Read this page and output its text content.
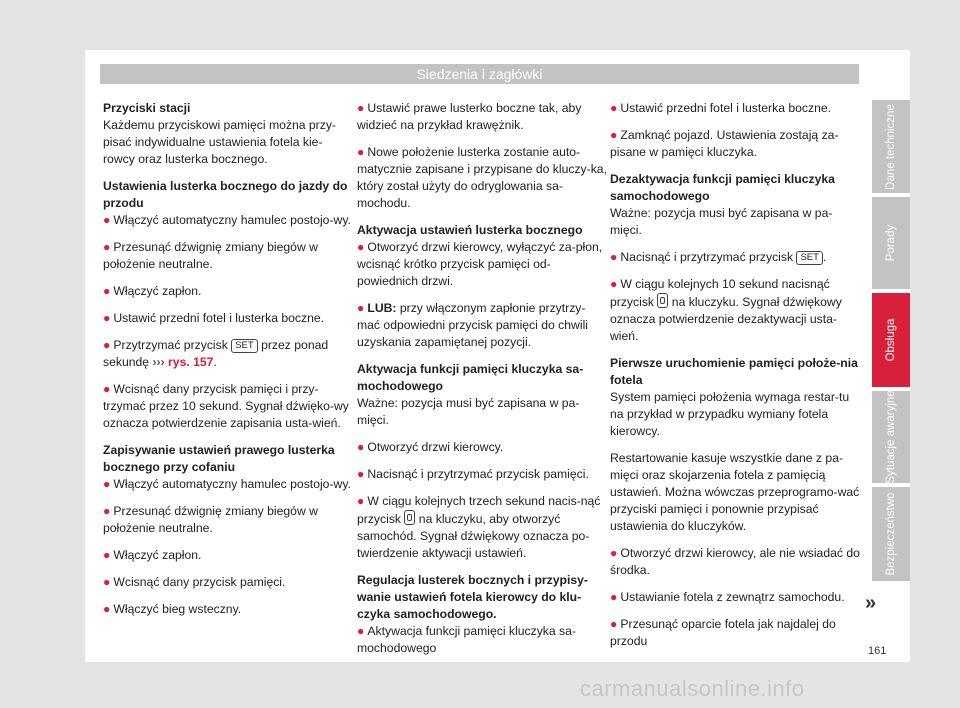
Siedzenia i zagłówki

Przyciski stacji

Każdemu przyciskowi pamięci można przy-pisać indywidualne ustawienia fotela kie-rowcy oraz lusterka bocznego.

Ustawienia lusterka bocznego do jazdy do przodu

● Włączyć automatyczny hamulec postojo-wy.

● Przesunąć dźwignię zmiany biegów w położenie neutralne.

● Włączyć zapłon.

● Ustawić przedni fotel i lusterka boczne.

● Przytrzymać przycisk SET przez ponad sekundę ››› rys. 157.

● Wcisnąć dany przycisk pamięci i przy-trzymać przez 10 sekund. Sygnał dźwięko-wy oznacza potwierdzenie zapisania usta-wień.

Zapisywanie ustawień prawego lusterka bocznego przy cofaniu

● Włączyć automatyczny hamulec postojo-wy.

● Przesunąć dźwignię zmiany biegów w położenie neutralne.

● Włączyć zapłon.

● Wcisnąć dany przycisk pamięci.

● Włączyć bieg wsteczny.

● Ustawić prawe lusterko boczne tak, aby widzieć na przykład krawężnik.

● Nowe położenie lusterka zostanie auto-matycznie zapisane i przypisane do kluczy-ka, który został użyty do odryglowania sa-mochodu.

Aktywacja ustawień lusterka bocznego

● Otworzyć drzwi kierowcy, wyłączyć za-płon, wcisnąć krótko przycisk pamięci od-powiednich drzwi.

● LUB: przy włączonym zapłonie przytrzy-mać odpowiedni przycisk pamięci do chwili uzyskania zapamiętanej pozycji.

Aktywacja funkcji pamięci kluczyka sa-mochodowego

Ważne: pozycja musi być zapisana w pa-mięci.

● Otworzyć drzwi kierowcy.

● Nacisnąć i przytrzymać przycisk pamięci.

● W ciągu kolejnych trzech sekund nacis-nąć przycisk na kluczyku, aby otworzyć samochód. Sygnał dźwiękowy oznacza po-twierdzenie aktywacji ustawień.

Regulacja lusterek bocznych i przypisy-wanie ustawień fotela kierowcy do klu-czyka samochodowego.

● Aktywacja funkcji pamięci kluczyka sa-mochodowego

● Ustawić przedni fotel i lusterka boczne.

● Zamknąć pojazd. Ustawienia zostają za-pisane w pamięci kluczyka.

Dezaktywacja funkcji pamięci kluczyka samochodowego

Ważne: pozycja musi być zapisana w pa-mięci.

● Nacisnąć i przytrzymać przycisk SET .

● W ciągu kolejnych 10 sekund nacisnąć przycisk na kluczyku. Sygnał dźwiękowy oznacza potwierdzenie dezaktywacji usta-wień.

Pierwsze uruchomienie pamięci położe-nia fotela

System pamięci położenia wymaga restar-tu na przykład w przypadku wymiany fotela kierowcy.

Restartowanie kasuje wszystkie dane z pa-mięci oraz skojarzenia fotela z pamięcią ustawień. Można wówczas przeprogramo-wać przyciski pamięci i ponownie przypisać ustawienia do kluczyków.

● Otworzyć drzwi kierowcy, ale nie wsiadać do środka.

● Ustawianie fotela z zewnątrz samochodu.

● Przesunąć oparcie fotela jak najdalej do przodu

Dane techniczne
Porady
Obsługa
Sytuacje awaryjne
Bezpieczeństwo
»
161
carmanualsonline.info
